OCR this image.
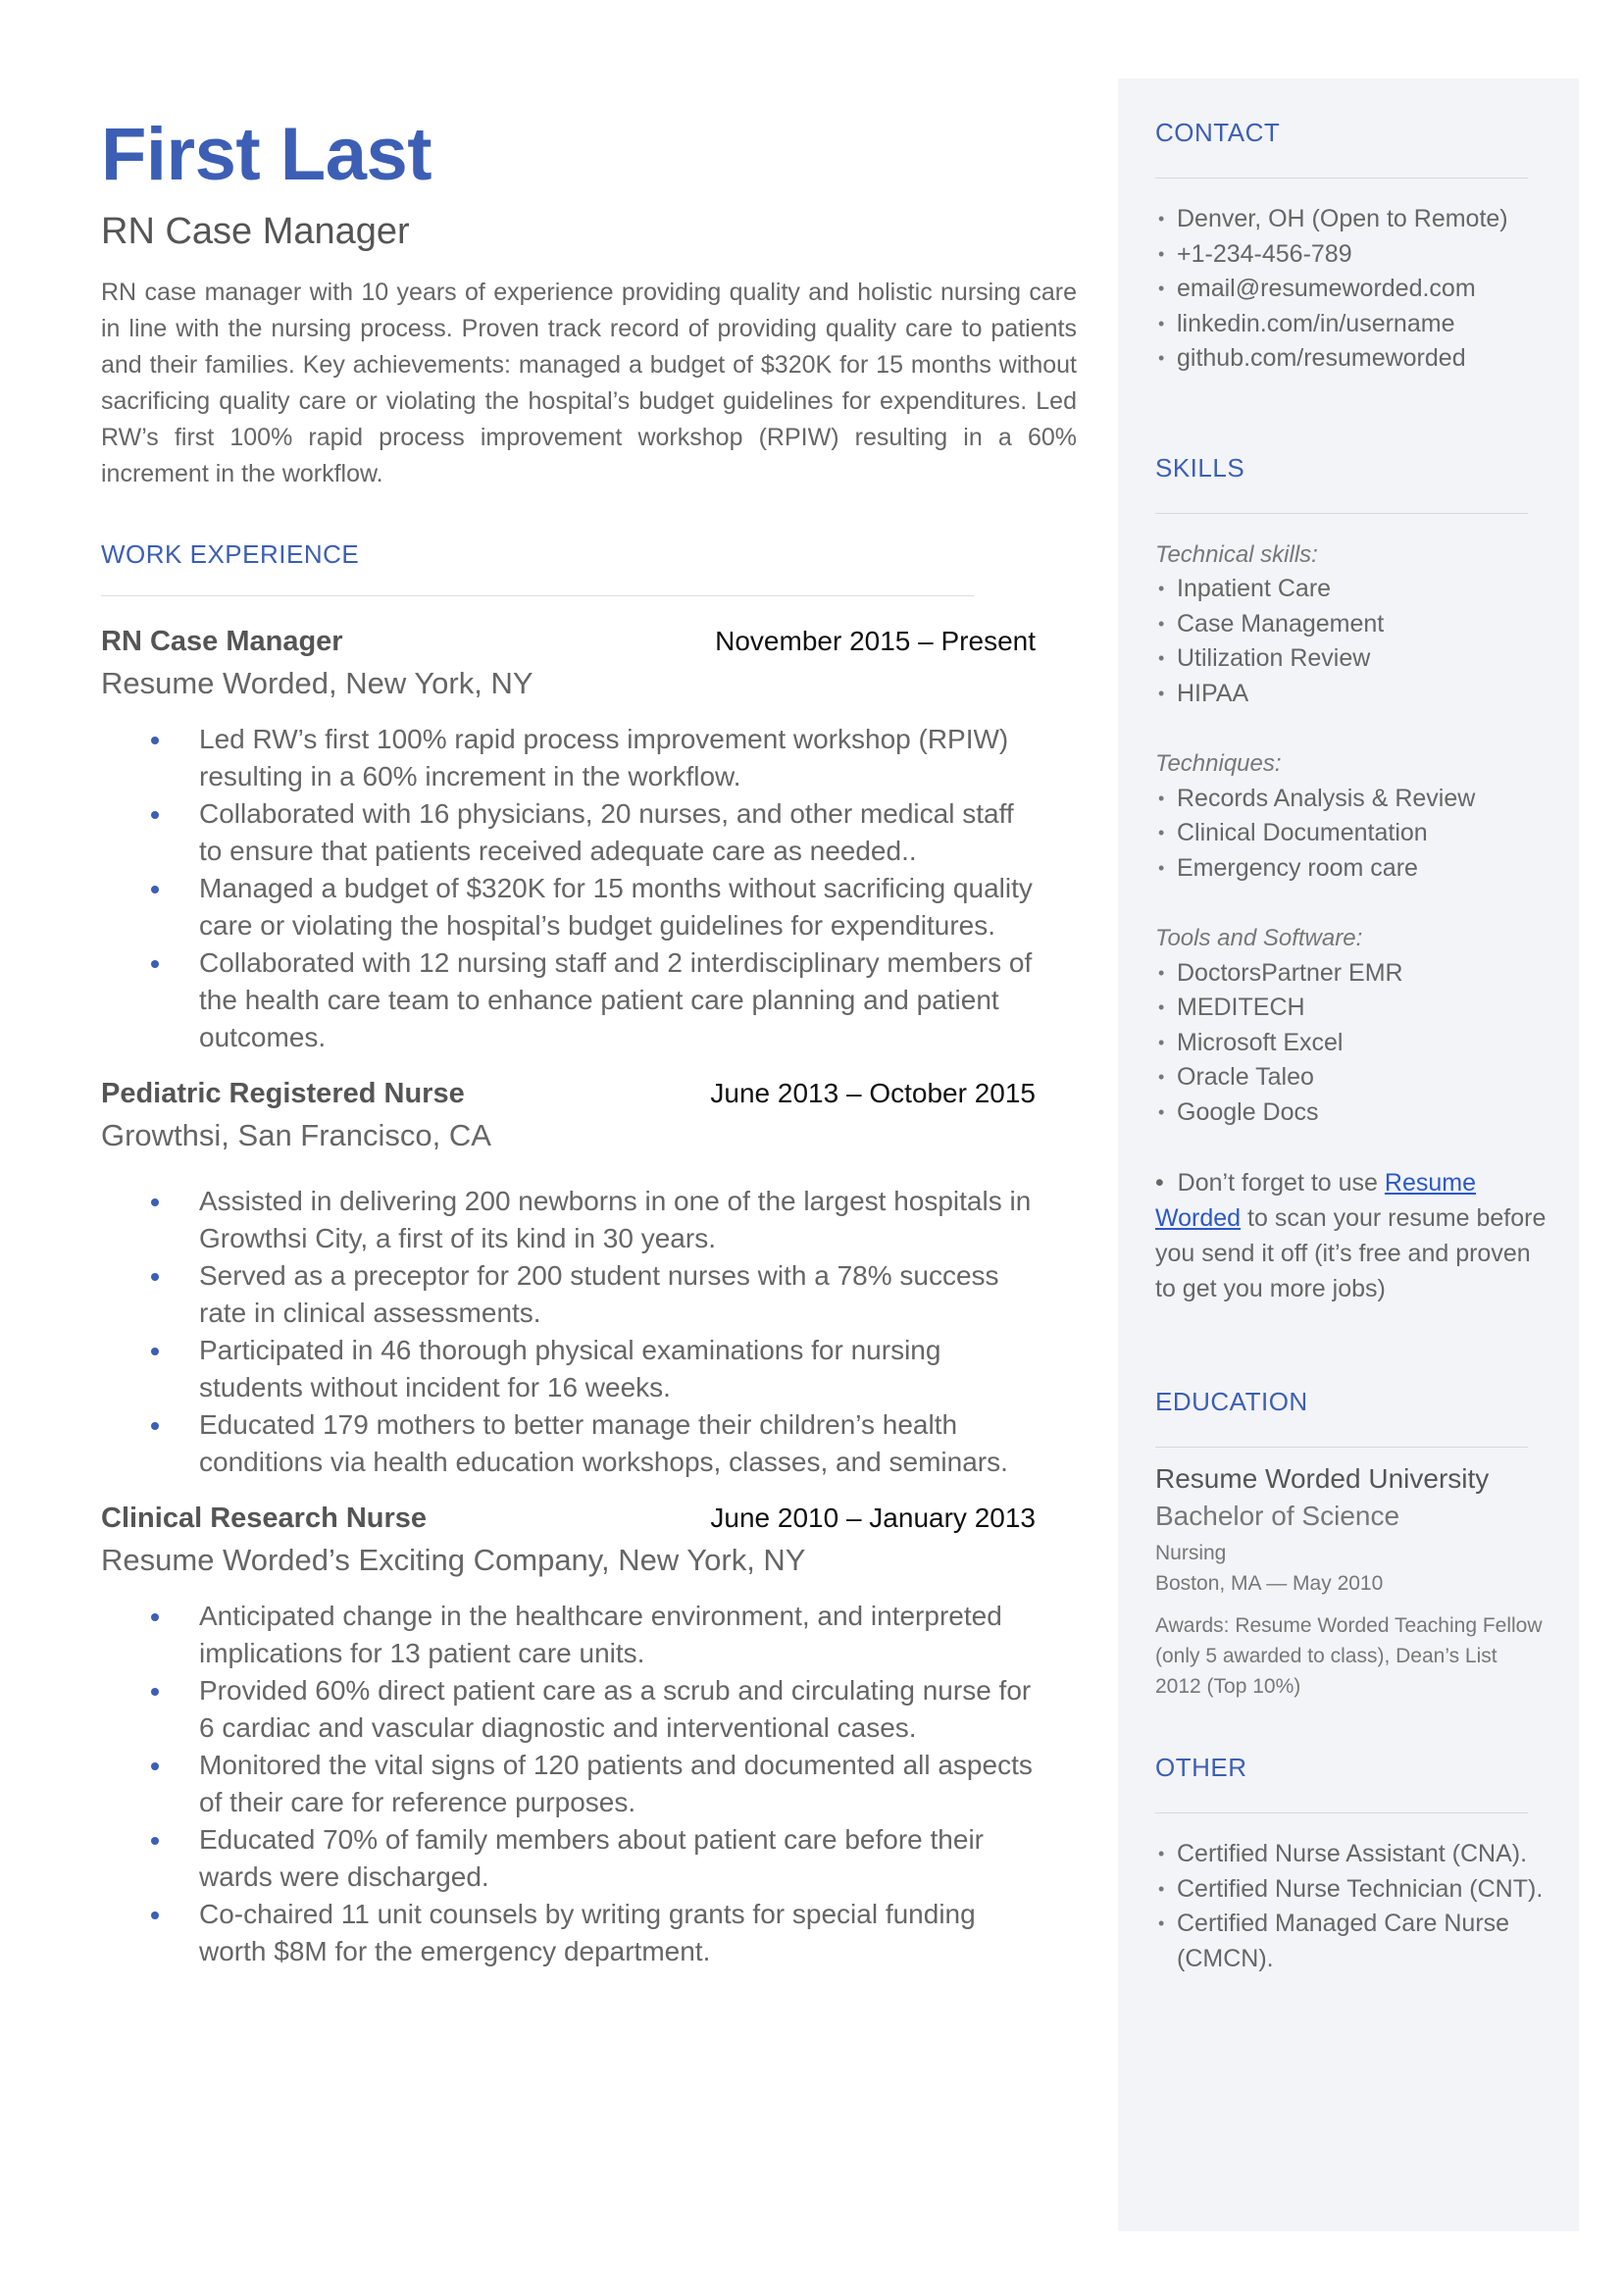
First Last
RN Case Manager
RN case manager with 10 years of experience providing quality and holistic nursing care in line with the nursing process. Proven track record of providing quality care to patients and their families. Key achievements: managed a budget of $320K for 15 months without sacrificing quality care or violating the hospital’s budget guidelines for expenditures. Led RW’s first 100% rapid process improvement workshop (RPIW) resulting in a 60% increment in the workflow.
WORK EXPERIENCE
RN Case Manager	November 2015 – Present
Resume Worded, New York, NY
Led RW’s first 100% rapid process improvement workshop (RPIW) resulting in a 60% increment in the workflow.
Collaborated with 16 physicians, 20 nurses, and other medical staff to ensure that patients received adequate care as needed..
Managed a budget of $320K for 15 months without sacrificing quality care or violating the hospital’s budget guidelines for expenditures.
Collaborated with 12 nursing staff and 2 interdisciplinary members of the health care team to enhance patient care planning and patient outcomes.
Pediatric Registered Nurse	June 2013 – October 2015
Growthsi, San Francisco, CA
Assisted in delivering 200 newborns in one of the largest hospitals in Growthsi City, a first of its kind in 30 years.
Served as a preceptor for 200 student nurses with a 78% success rate in clinical assessments.
Participated in 46 thorough physical examinations for nursing students without incident for 16 weeks.
Educated 179 mothers to better manage their children’s health conditions via health education workshops, classes, and seminars.
Clinical Research Nurse	June 2010 – January 2013
Resume Worded’s Exciting Company, New York, NY
Anticipated change in the healthcare environment, and interpreted implications for 13 patient care units.
Provided 60% direct patient care as a scrub and circulating nurse for 6 cardiac and vascular diagnostic and interventional cases.
Monitored the vital signs of 120 patients and documented all aspects of their care for reference purposes.
Educated 70% of family members about patient care before their wards were discharged.
Co-chaired 11 unit counsels by writing grants for special funding worth $8M for the emergency department.
CONTACT
• Denver, OH (Open to Remote)
• +1-234-456-789
• email@resumeworded.com
• linkedin.com/in/username
• github.com/resumeworded
SKILLS
Technical skills:
• Inpatient Care
• Case Management
• Utilization Review
• HIPAA
Techniques:
• Records Analysis & Review
• Clinical Documentation
• Emergency room care
Tools and Software:
• DoctorsPartner EMR
• MEDITECH
• Microsoft Excel
• Oracle Taleo
• Google Docs
•  Don’t forget to use Resume Worded to scan your resume before you send it off (it’s free and proven to get you more jobs)
EDUCATION
Resume Worded University
Bachelor of Science
Nursing
Boston, MA — May 2010
Awards: Resume Worded Teaching Fellow (only 5 awarded to class), Dean’s List 2012 (Top 10%)
OTHER
• Certified Nurse Assistant (CNA).
• Certified Nurse Technician (CNT).
• Certified Managed Care Nurse (CMCN).
